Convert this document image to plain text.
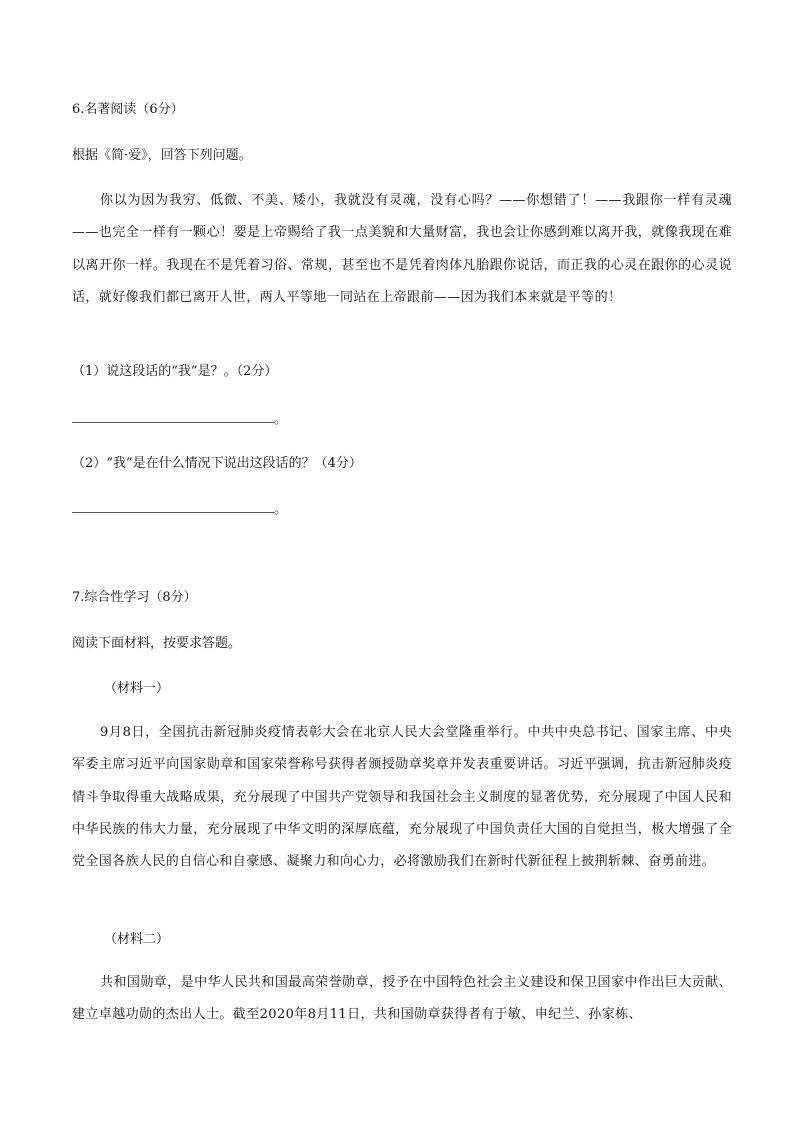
6.名著阅读（6分）
根据《简·爱》，回答下列问题。
你以为因为我穷、低微、不美、矮小，我就没有灵魂，没有心吗？——你想错了！——我跟你一样有灵魂——也完全一样有一颗心！要是上帝赐给了我一点美貌和大量财富，我也会让你感到难以离开我，就像我现在难以离开你一样。我现在不是凭着习俗、常规，甚至也不是凭着肉体凡胎跟你说话，而正我的心灵在跟你的心灵说话，就好像我们都已离开人世，两人平等地一同站在上帝跟前——因为我们本来就是平等的！
（1）说这段话的“我”是？。（2分）
。
（2）“我”是在什么情况下说出这段话的？（4分）
。
7.综合性学习（8分）
阅读下面材料，按要求答题。
（材料一）
9月8日，全国抗击新冠肺炎疫情表彰大会在北京人民大会堂隆重举行。中共中央总书记、国家主席、中央军委主席习近平向国家勋章和国家荣誉称号获得者颁授勋章奖章并发表重要讲话。习近平强调，抗击新冠肺炎疫情斗争取得重大战略成果，充分展现了中国共产党领导和我国社会主义制度的显著优势，充分展现了中国人民和中华民族的伟大力量，充分展现了中华文明的深厚底蕴，充分展现了中国负责任大国的自觉担当，极大增强了全党全国各族人民的自信心和自豪感、凝聚力和向心力，必将激励我们在新时代新征程上披荆斩棘、奋勇前进。
（材料二）
共和国勋章，是中华人民共和国最高荣誉勋章，授予在中国特色社会主义建设和保卫国家中作出巨大贡献、建立卓越功勋的杰出人士。截至2020年8月11日，共和国勋章获得者有于敏、申纪兰、孙家栋、
